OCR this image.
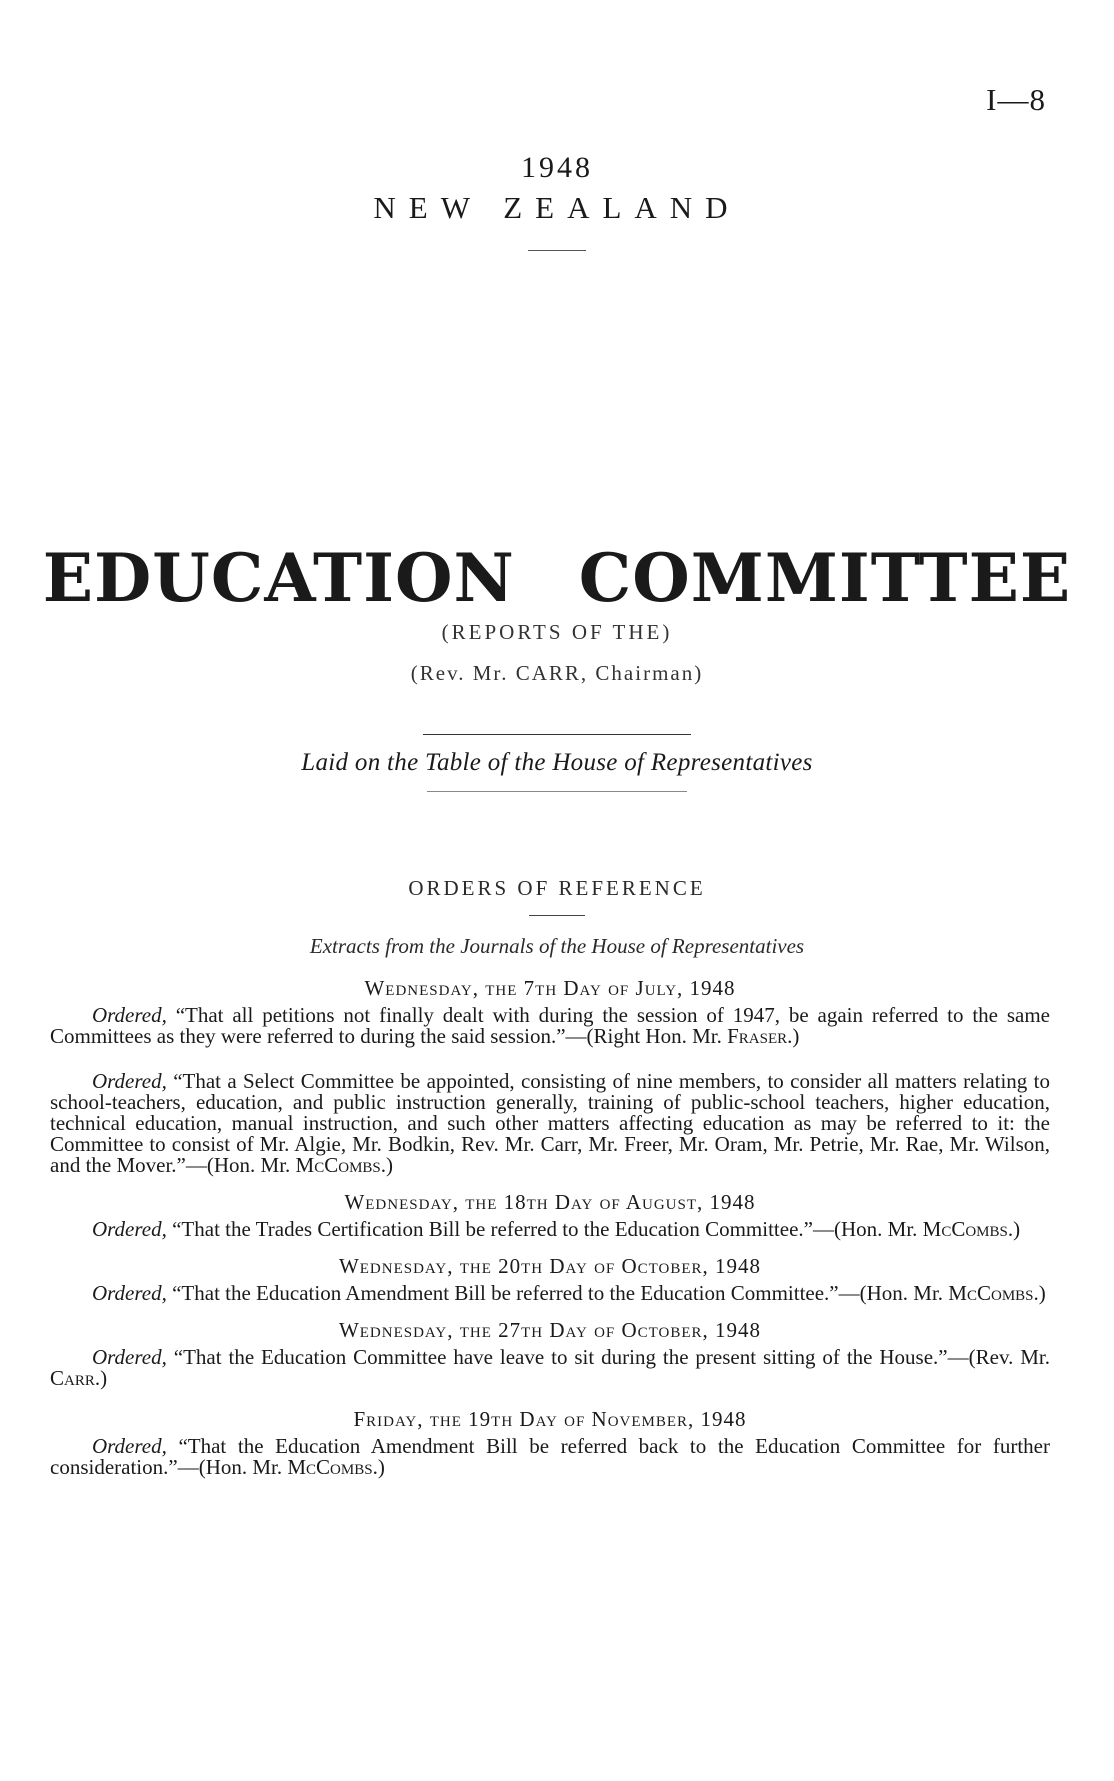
I—8
1948
NEW ZEALAND
EDUCATION COMMITTEE
(REPORTS OF THE)
(Rev. Mr. CARR, Chairman)
Laid on the Table of the House of Representatives
ORDERS OF REFERENCE
Extracts from the Journals of the House of Representatives

Wednesday, the 7th Day of July, 1948

Ordered, “That all petitions not finally dealt with during the session of 1947, be again referred to the same Committees as they were referred to during the said session.”—(Right Hon. Mr. Fraser.)

Ordered, “That a Select Committee be appointed, consisting of nine members, to consider all matters relating to school-teachers, education, and public instruction generally, training of public-school teachers, higher education, technical education, manual instruction, and such other matters affecting education as may be referred to it: the Committee to consist of Mr. Algie, Mr. Bodkin, Rev. Mr. Carr, Mr. Freer, Mr. Oram, Mr. Petrie, Mr. Rae, Mr. Wilson, and the Mover.”—(Hon. Mr. McCombs.)

Wednesday, the 18th Day of August, 1948

Ordered, “That the Trades Certification Bill be referred to the Education Committee.”—(Hon. Mr. McCombs.)

Wednesday, the 20th Day of October, 1948

Ordered, “That the Education Amendment Bill be referred to the Education Committee.”—(Hon. Mr. McCombs.)

Wednesday, the 27th Day of October, 1948

Ordered, “That the Education Committee have leave to sit during the present sitting of the House.”—(Rev. Mr. Carr.)

Friday, the 19th Day of November, 1948

Ordered, “That the Education Amendment Bill be referred back to the Education Committee for further consideration.”—(Hon. Mr. McCombs.)
